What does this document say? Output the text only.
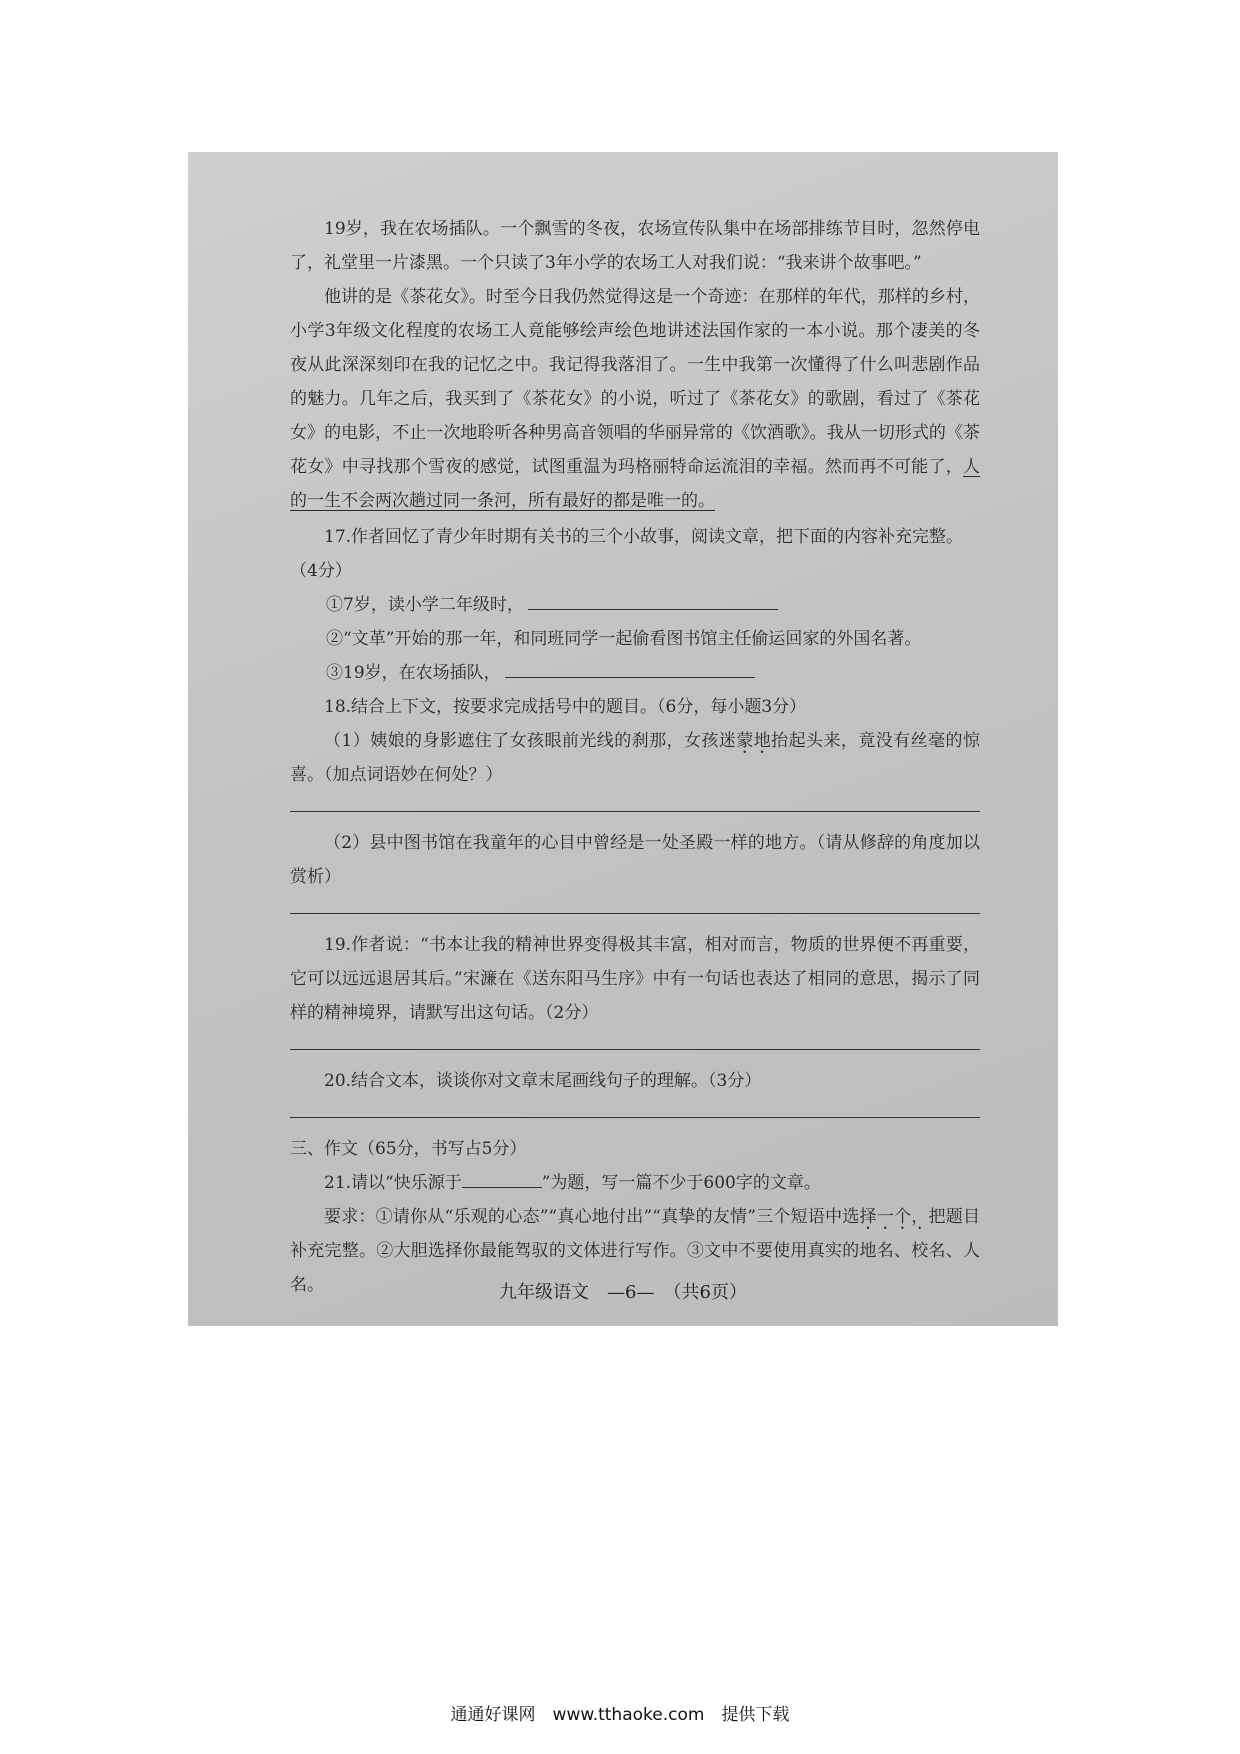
19岁，我在农场插队。一个飘雪的冬夜，农场宣传队集中在场部排练节目时，忽然停电了，礼堂里一片漆黑。一个只读了3年小学的农场工人对我们说：“我来讲个故事吧。”

他讲的是《茶花女》。时至今日我仍然觉得这是一个奇迹：在那样的年代，那样的乡村，小学3年级文化程度的农场工人竟能够绘声绘色地讲述法国作家的一本小说。那个凄美的冬夜从此深深刻印在我的记忆之中。我记得我落泪了。一生中我第一次懂得了什么叫悲剧作品的魅力。几年之后，我买到了《茶花女》的小说，听过了《茶花女》的歌剧，看过了《茶花女》的电影，不止一次地聆听各种男高音领唱的华丽异常的《饮酒歌》。我从一切形式的《茶花女》中寻找那个雪夜的感觉，试图重温为玛格丽特命运流泪的幸福。然而再不可能了，人的一生不会两次趟过同一条河，所有最好的都是唯一的。

17.作者回忆了青少年时期有关书的三个小故事，阅读文章，把下面的内容补充完整。（4分）

①7岁，读小学二年级时，

②“文革”开始的那一年，和同班同学一起偷看图书馆主任偷运回家的外国名著。

③19岁，在农场插队，

18.结合上下文，按要求完成括号中的题目。（6分，每小题3分）

（1）姨娘的身影遮住了女孩眼前光线的刹那，女孩迷蒙地抬起头来，竟没有丝毫的惊喜。（加点词语妙在何处？）

（2）县中图书馆在我童年的心目中曾经是一处圣殿一样的地方。（请从修辞的角度加以赏析）

19.作者说：“书本让我的精神世界变得极其丰富，相对而言，物质的世界便不再重要，它可以远远退居其后。”宋濂在《送东阳马生序》中有一句话也表达了相同的意思，揭示了同样的精神境界，请默写出这句话。（2分）

20.结合文本，谈谈你对文章末尾画线句子的理解。（3分）

三、作文（65分，书写占5分）

21.请以“快乐源于	”为题，写一篇不少于600字的文章。

要求：①请你从“乐观的心态”“真心地付出”“真挚的友情”三个短语中选择一个，把题目补充完整。②大胆选择你最能驾驭的文体进行写作。③文中不要使用真实的地名、校名、人名。	九年级语文　—6—　（共6页）
通通好课网　www.tthaoke.com　提供下载
